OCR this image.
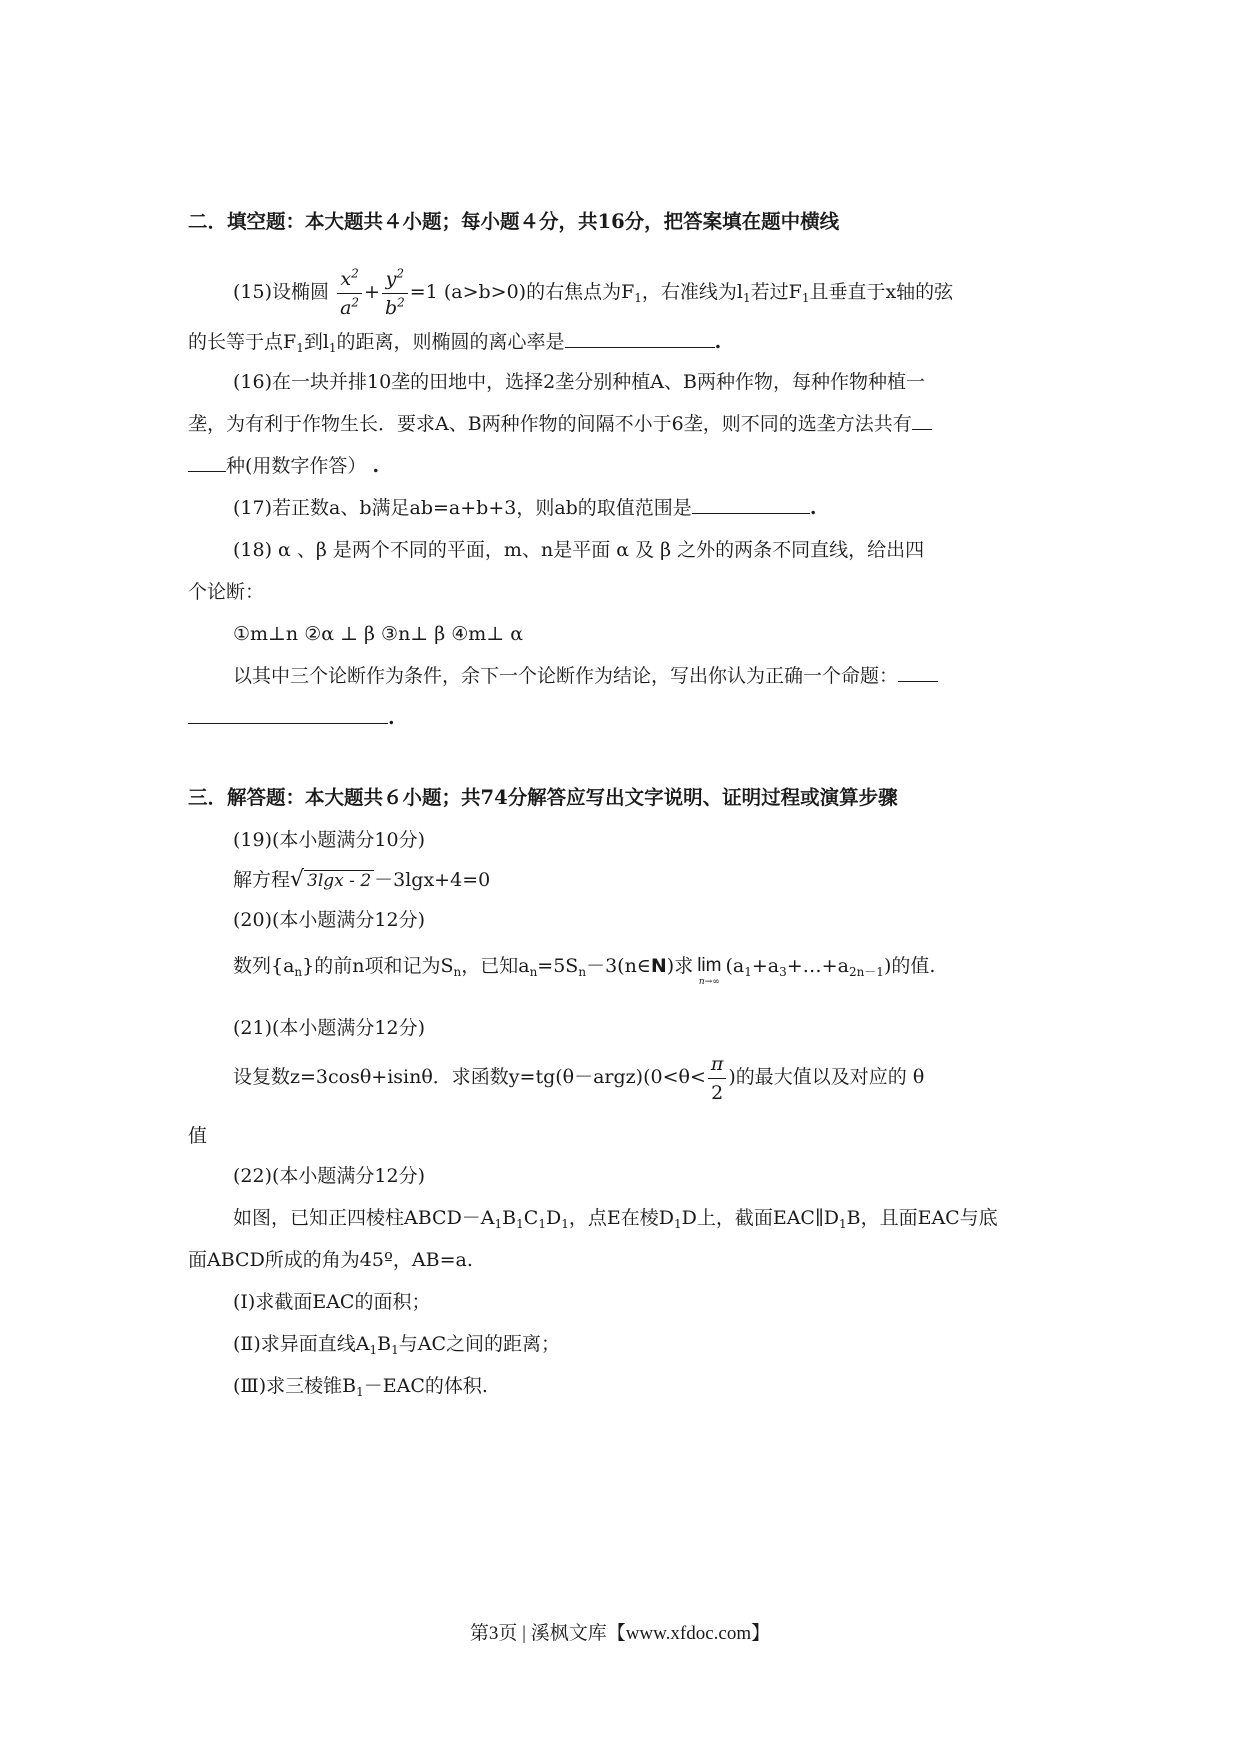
二．填空题：本大题共４小题；每小题４分，共16分，把答案填在题中横线
(15)设椭圆 $\frac{x^2}{a^2} + \frac{y^2}{b^2} =1$ (a>b>0)的右焦点为$F_1$，右准线为$l_1$若过$F_1$且垂直于x轴的弦
的长等于点$F_1$到$l_1$的距离，则椭圆的离心率是	.
(16)在一块并排10垄的田地中，选择2垄分别种植A、B两种作物，每种作物种植一
垄，为有利于作物生长．要求A、B两种作物的间隔不小于6垄，则不同的选垄方法共有
种(用数字作答） .
(17)若正数a、b满足ab=a+b+3，则ab的取值范围是	.
(18) α 、β 是两个不同的平面，m、n是平面 α 及 β 之外的两条不同直线，给出四
个论断：
①m⊥n ②α ⊥ β ③n⊥ β ④m⊥ α
以其中三个论断作为条件，余下一个论断作为结论，写出你认为正确一个命题：
.
三．解答题：本大题共６小题；共74分解答应写出文字说明、证明过程或演算步骤
(19)(本小题满分10分)
解方程√ 3lgx - 2 －3lgx+4=0
(20)(本小题满分12分)
数列$\{a_n\}$的前n项和记为$S_n$，已知$a_n=5S_n-3(n\in N)$求 lim
n→∞
$(a_1+a_3+\dots+a_{2n-1})$的值.
(21)(本小题满分12分)
设复数z=3cosθ+isinθ．求函数y=tg(θ－argz)(0<θ< $\frac{\pi}{2}$ )的最大值以及对应的 θ
值
(22)(本小题满分12分)
如图，已知正四棱柱$ABCD-A_1B_1C_1D_1$，点E在棱$D_1D$上，截面$EAC\parallel D_1B$，且面EAC与底
面ABCD所成的角为45º，AB=a.
(Ⅰ)求截面EAC的面积；
(Ⅱ)求异面直线$A_1B_1$与AC之间的距离；
(Ⅲ)求三棱锥$B_1-EAC$的体积.
第3页 | 溪枫文库【www.xfdoc.com】
